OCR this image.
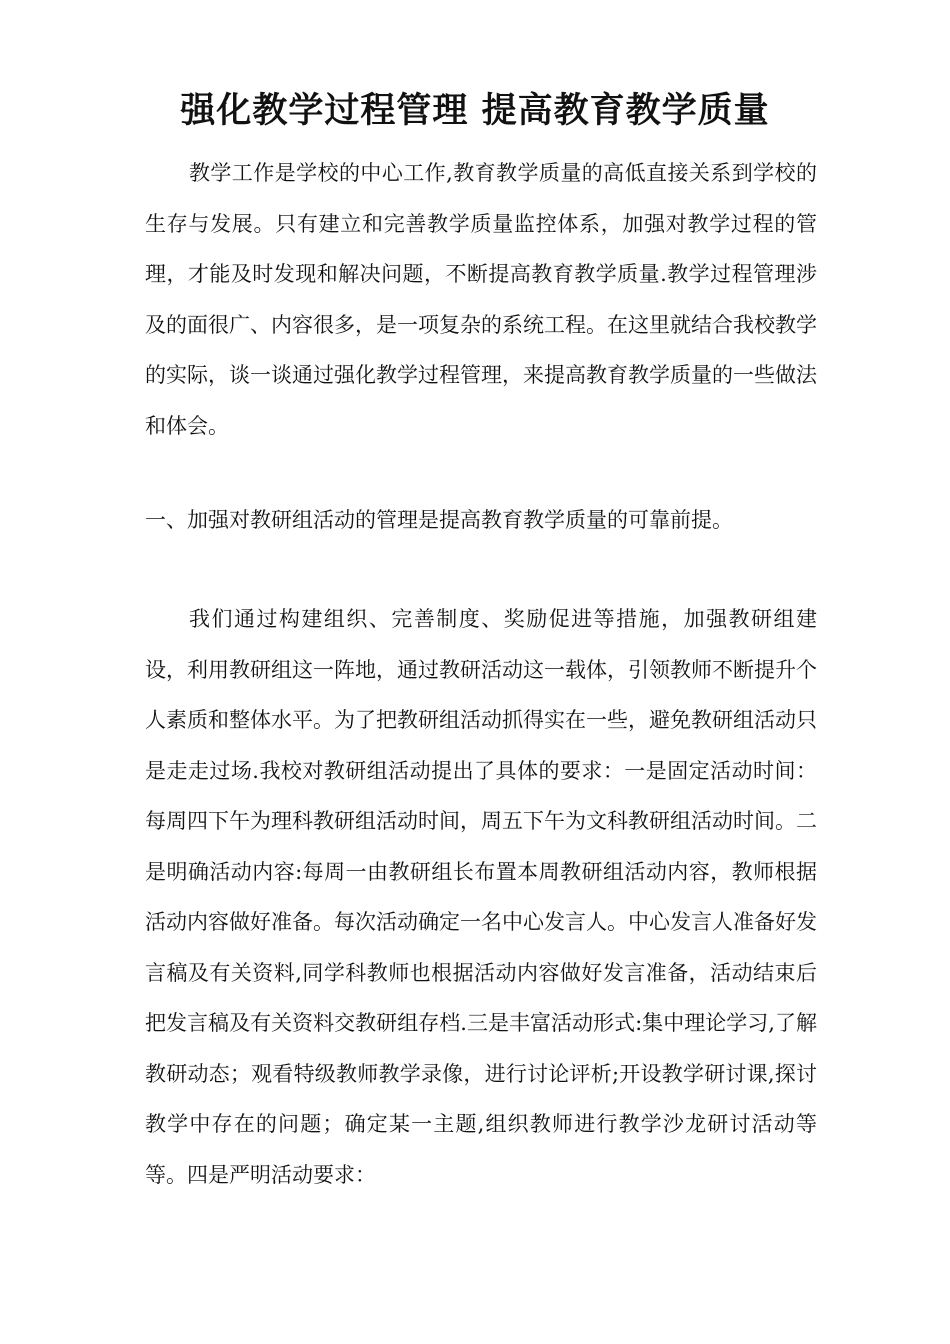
强化教学过程管理 提高教育教学质量

教学工作是学校的中心工作,教育教学质量的高低直接关系到学校的生存与发展。只有建立和完善教学质量监控体系，加强对教学过程的管理，才能及时发现和解决问题，不断提高教育教学质量.教学过程管理涉及的面很广、内容很多，是一项复杂的系统工程。在这里就结合我校教学的实际，谈一谈通过强化教学过程管理，来提高教育教学质量的一些做法和体会。

一、加强对教研组活动的管理是提高教育教学质量的可靠前提。

我们通过构建组织、完善制度、奖励促进等措施，加强教研组建设，利用教研组这一阵地，通过教研活动这一载体，引领教师不断提升个人素质和整体水平。为了把教研组活动抓得实在一些，避免教研组活动只是走走过场.我校对教研组活动提出了具体的要求：一是固定活动时间：每周四下午为理科教研组活动时间，周五下午为文科教研组活动时间。二是明确活动内容:每周一由教研组长布置本周教研组活动内容，教师根据活动内容做好准备。每次活动确定一名中心发言人。中心发言人准备好发言稿及有关资料,同学科教师也根据活动内容做好发言准备，活动结束后把发言稿及有关资料交教研组存档.三是丰富活动形式:集中理论学习,了解教研动态；观看特级教师教学录像，进行讨论评析;开设教学研讨课,探讨教学中存在的问题；确定某一主题,组织教师进行教学沙龙研讨活动等等。四是严明活动要求：
